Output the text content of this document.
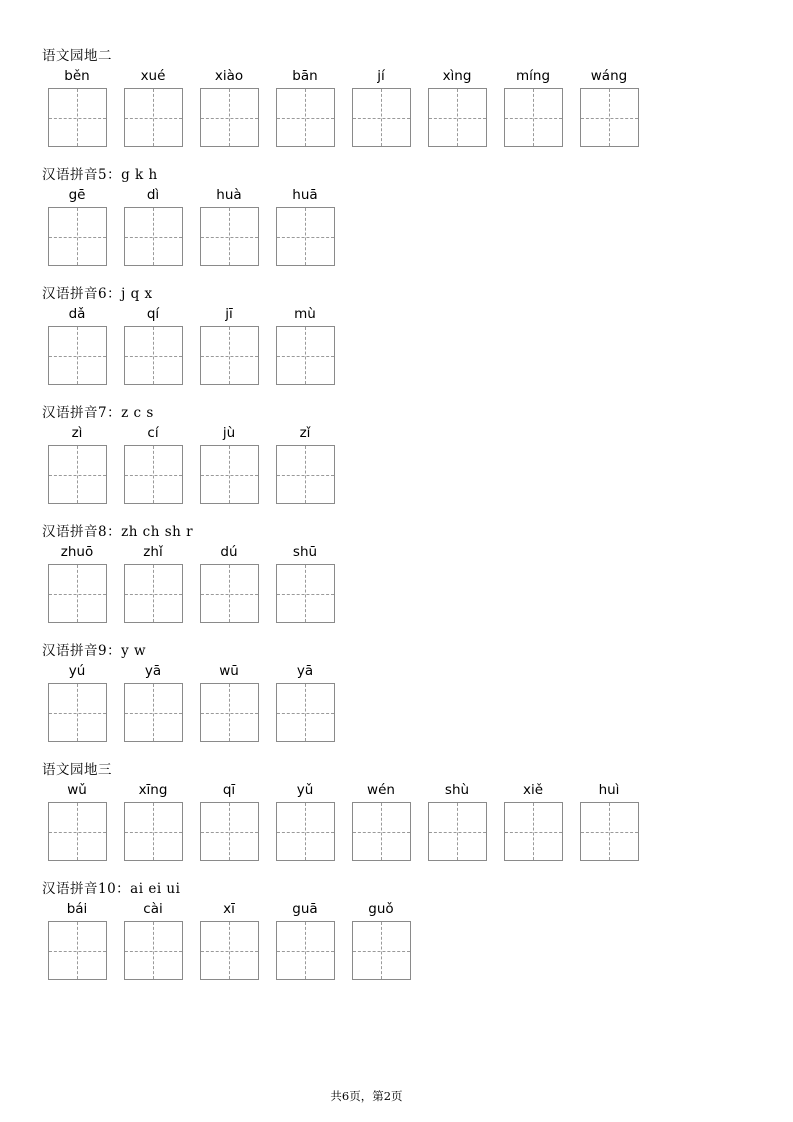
语文园地二
běn	xué	xiào	bān	jí	xìng	míng	wáng
汉语拼音5：g k h
gē	dì	huà	huā
汉语拼音6：j q x
dǎ	qí	jī	mù
汉语拼音7：z c s
zì	cí	jù	zǐ
汉语拼音8：zh ch sh r
zhuō	zhǐ	dú	shū
汉语拼音9：y w
yú	yā	wū	yā
语文园地三
wǔ	xīng	qī	yǔ	wén	shù	xiě	huì
汉语拼音10：ai ei ui
bái	cài	xī	guā	guǒ
共6页，第2页
